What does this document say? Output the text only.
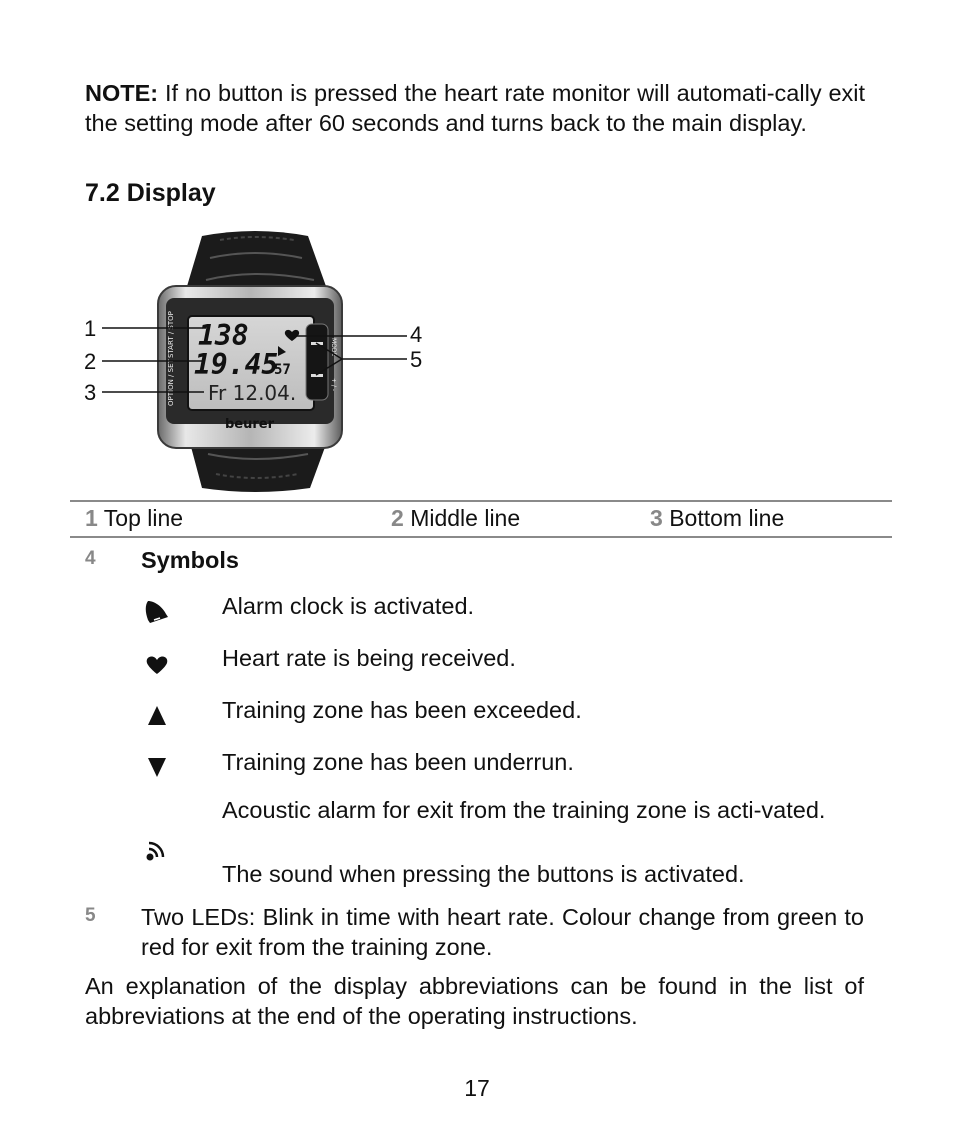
NOTE: If no button is pressed the heart rate monitor will automati-cally exit the setting mode after 60 seconds and turns back to the main display.
7.2 Display
138
19.45
57
Fr 12.04.
START / STOP
OPTION / SET
MODE
+ / -
beurer
1
2
3
4
5
1 Top line	2 Middle line	3 Bottom line
4 Symbols
Alarm clock is activated.
Heart rate is being received.
Training zone has been exceeded.
Training zone has been underrun.
Acoustic alarm for exit from the training zone is acti-vated.
The sound when pressing the buttons is activated.
5 Two LEDs: Blink in time with heart rate. Colour change from green to red for exit from the training zone.
An explanation of the display abbreviations can be found in the list of abbreviations at the end of the operating instructions.
17
